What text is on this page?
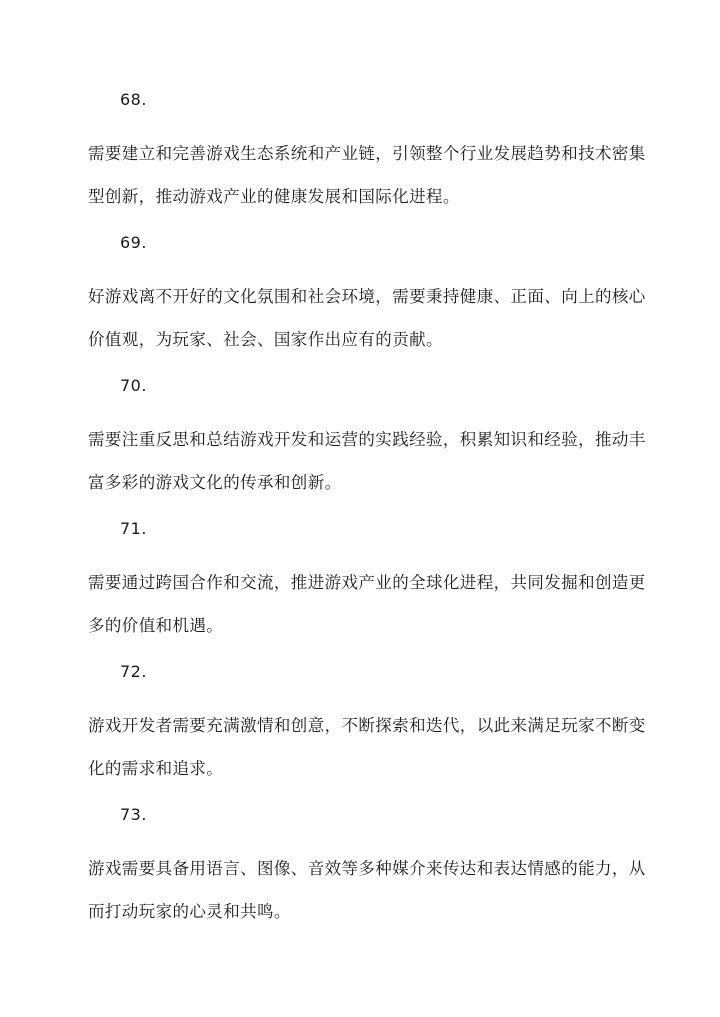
68.
需要建立和完善游戏生态系统和产业链，引领整个行业发展趋势和技术密集型创新，推动游戏产业的健康发展和国际化进程。
69.
好游戏离不开好的文化氛围和社会环境，需要秉持健康、正面、向上的核心价值观，为玩家、社会、国家作出应有的贡献。
70.
需要注重反思和总结游戏开发和运营的实践经验，积累知识和经验，推动丰富多彩的游戏文化的传承和创新。
71.
需要通过跨国合作和交流，推进游戏产业的全球化进程，共同发掘和创造更多的价值和机遇。
72.
游戏开发者需要充满激情和创意，不断探索和迭代，以此来满足玩家不断变化的需求和追求。
73.
游戏需要具备用语言、图像、音效等多种媒介来传达和表达情感的能力，从而打动玩家的心灵和共鸣。
